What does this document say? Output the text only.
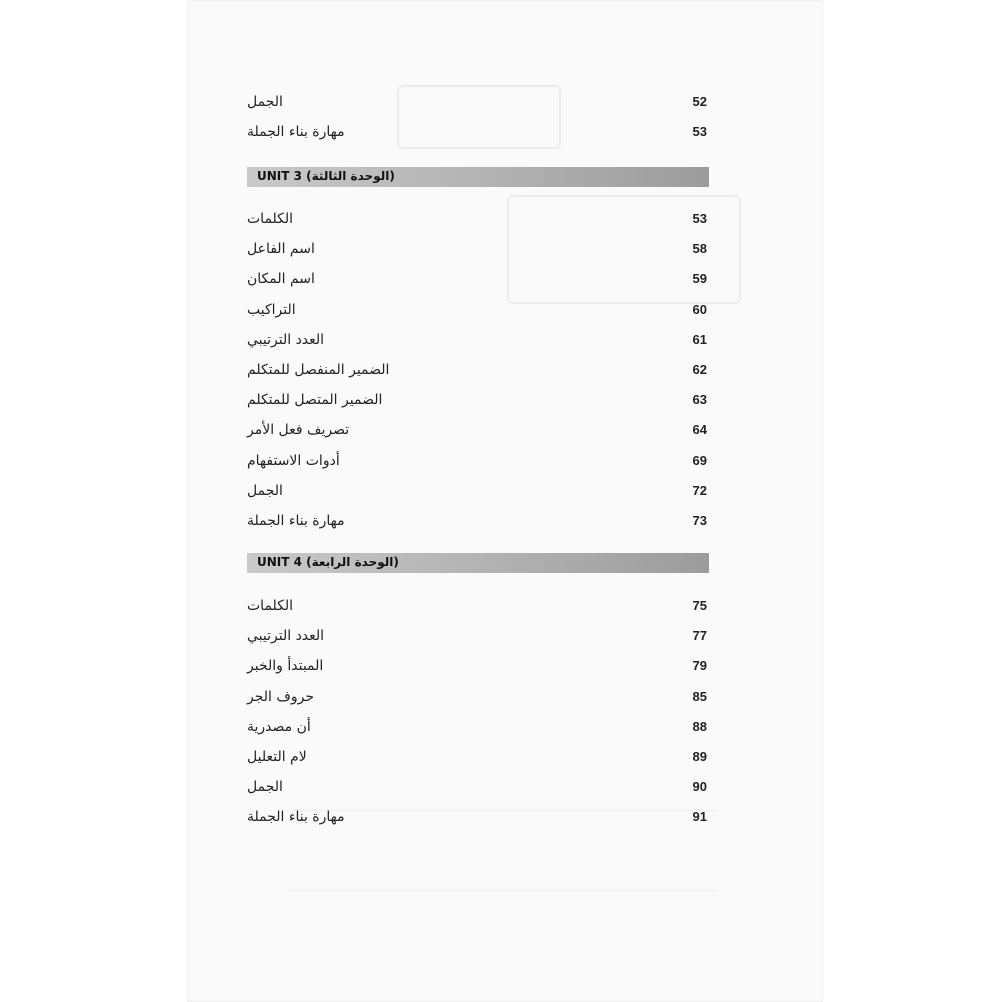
الجمل	52
مهارة بناء الجملة	53
UNIT 3 (الوحدة الثالثة)
الكلمات	53
اسم الفاعل	58
اسم المكان	59
التراكيب	60
العدد الترتيبي	61
الضمير المنفصل للمتكلم	62
الضمير المتصل للمتكلم	63
تصريف فعل الأمر	64
أدوات الاستفهام	69
الجمل	72
مهارة بناء الجملة	73
UNIT 4 (الوحدة الرابعة)
الكلمات	75
العدد الترتيبي	77
المبتدأ والخبر	79
حروف الجر	85
أن مصدرية	88
لام التعليل	89
الجمل	90
مهارة بناء الجملة	91
